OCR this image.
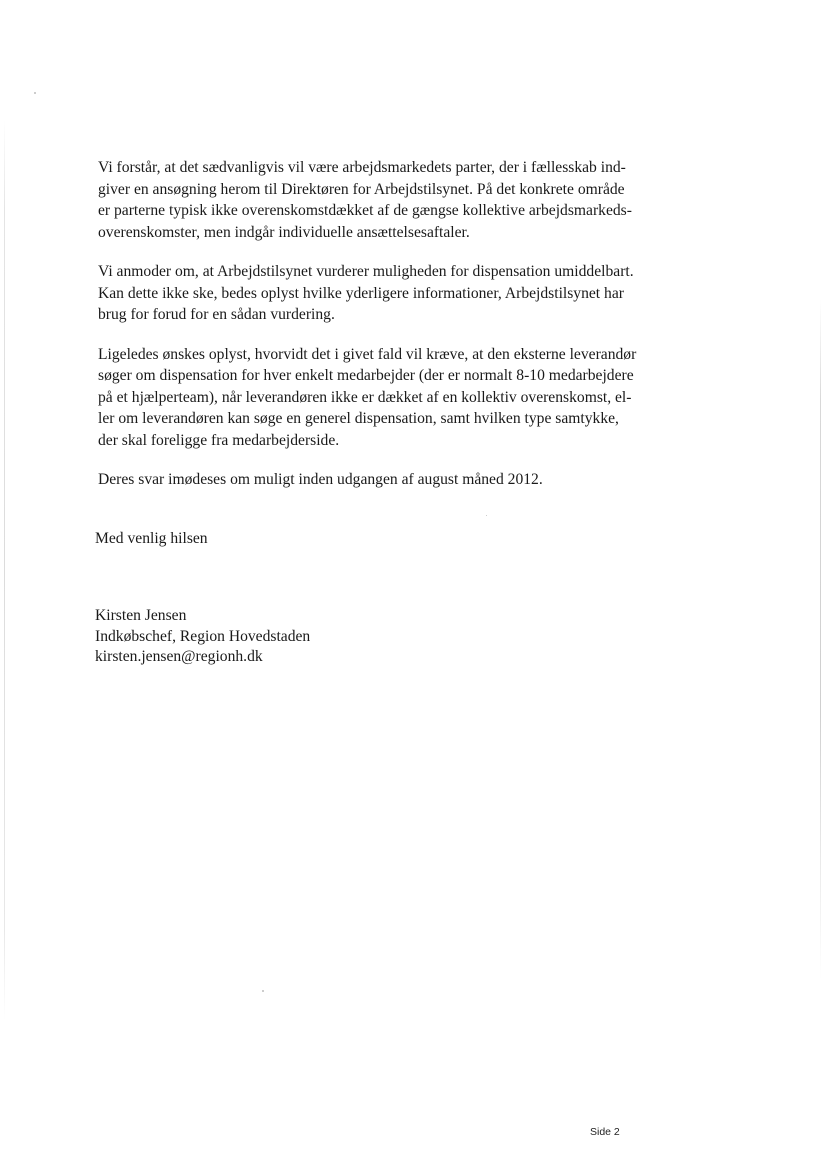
Vi forstår, at det sædvanligvis vil være arbejdsmarkedets parter, der i fællesskab ind-
giver en ansøgning herom til Direktøren for Arbejdstilsynet. På det konkrete område
er parterne typisk ikke overenskomstdækket af de gængse kollektive arbejdsmarkeds-
overenskomster, men indgår individuelle ansættelsesaftaler.

Vi anmoder om, at Arbejdstilsynet vurderer muligheden for dispensation umiddelbart.
Kan dette ikke ske, bedes oplyst hvilke yderligere informationer, Arbejdstilsynet har
brug for forud for en sådan vurdering.

Ligeledes ønskes oplyst, hvorvidt det i givet fald vil kræve, at den eksterne leverandør
søger om dispensation for hver enkelt medarbejder (der er normalt 8-10 medarbejdere
på et hjælperteam), når leverandøren ikke er dækket af en kollektiv overenskomst, el-
ler om leverandøren kan søge en generel dispensation, samt hvilken type samtykke,
der skal foreligge fra medarbejderside.

Deres svar imødeses om muligt inden udgangen af august måned 2012.

Med venlig hilsen
Kirsten Jensen
Indkøbschef, Region Hovedstaden
kirsten.jensen@regionh.dk
Side 2
